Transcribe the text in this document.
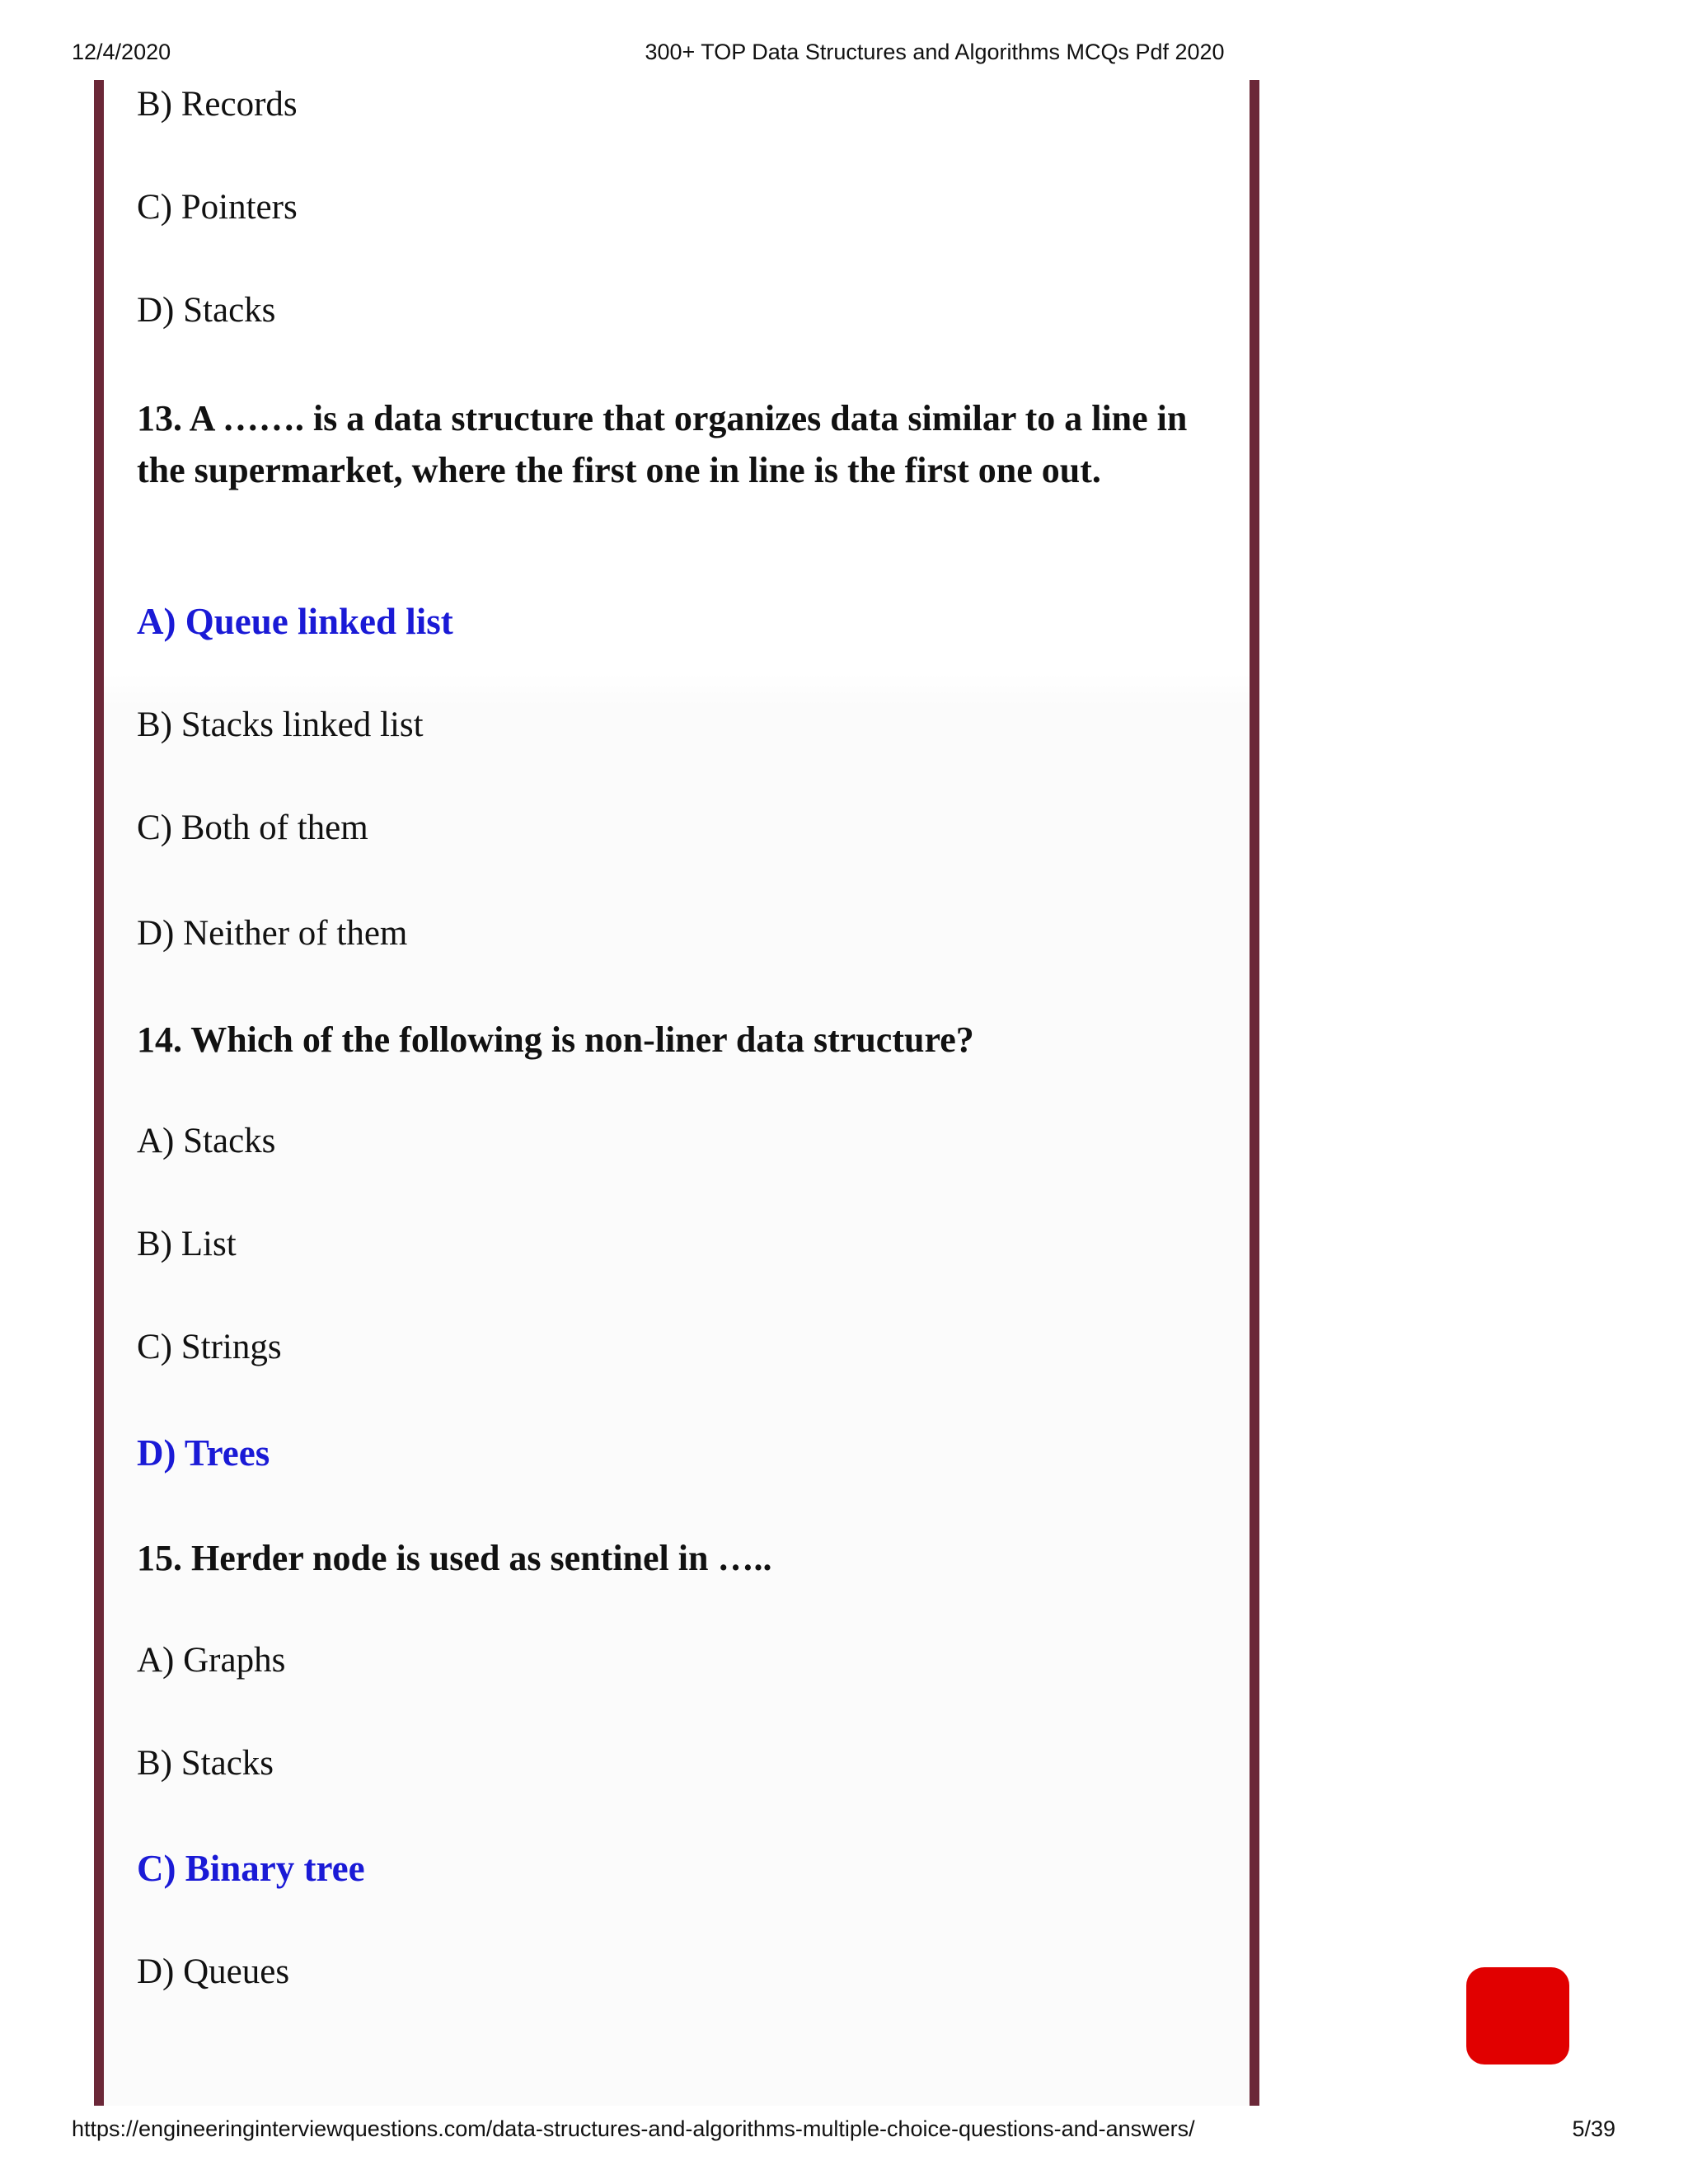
12/4/2020	300+ TOP Data Structures and Algorithms MCQs Pdf 2020
B) Records
C) Pointers
D) Stacks
13. A ……. is a data structure that organizes data similar to a line in the supermarket, where the first one in line is the first one out.
A) Queue linked list
B) Stacks linked list
C) Both of them
D) Neither of them
14. Which of the following is non-liner data structure?
A) Stacks
B) List
C) Strings
D) Trees
15. Herder node is used as sentinel in …..
A) Graphs
B) Stacks
C) Binary tree
D) Queues
https://engineeringinterviewquestions.com/data-structures-and-algorithms-multiple-choice-questions-and-answers/	5/39
